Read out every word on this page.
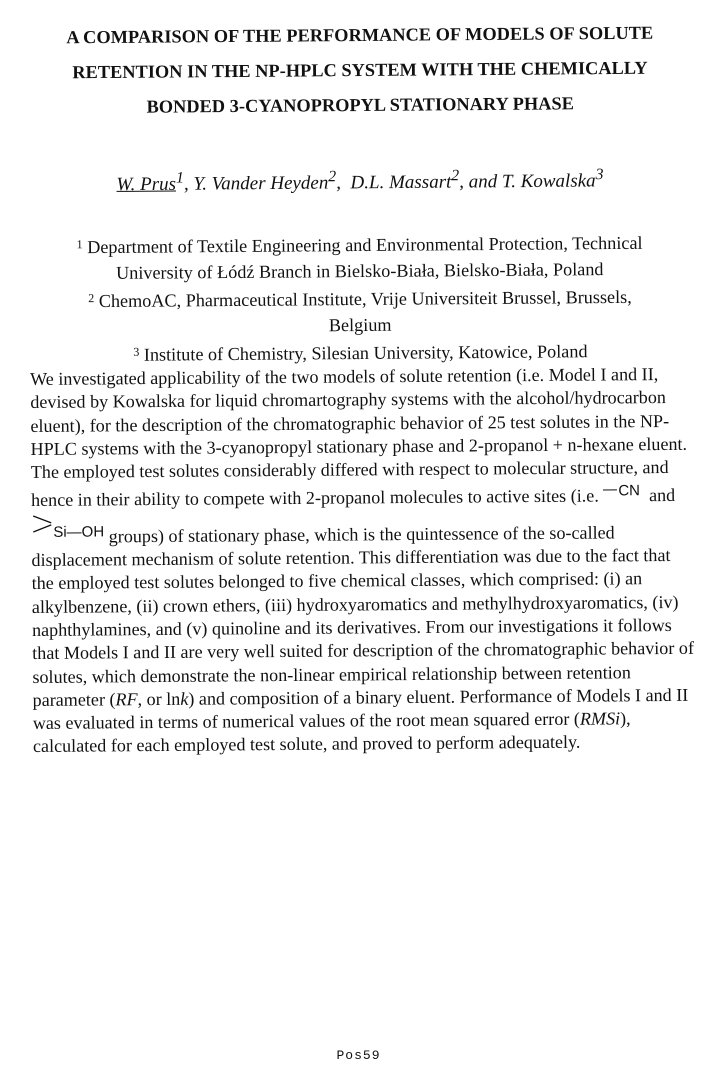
A COMPARISON OF THE PERFORMANCE OF MODELS OF SOLUTE
RETENTION IN THE NP-HPLC SYSTEM WITH THE CHEMICALLY
BONDED 3-CYANOPROPYL STATIONARY PHASE
W. Prus$^1$, Y. Vander Heyden$^2$,  D.L. Massart$^2$, and T. Kowalska$^3$
$^1$ Department of Textile Engineering and Environmental Protection, Technical
University of Łódź Branch in Bielsko-Biała, Bielsko-Biała, Poland
$^2$ ChemoAC, Pharmaceutical Institute, Vrije Universiteit Brussel, Brussels,
Belgium
$^3$ Institute of Chemistry, Silesian University, Katowice, Poland

We investigated applicability of the two models of solute retention (i.e. Model I and II, devised by Kowalska for liquid chromartography systems with the alcohol/hydrocarbon eluent), for the description of the chromatographic behavior of 25 test solutes in the NP-HPLC systems with the 3-cyanopropyl stationary phase and 2-propanol + n-hexane eluent. The employed test solutes considerably differed with respect to molecular structure, and hence in their ability to compete with 2-propanol molecules to active sites (i.e. CN and Si—OH groups) of stationary phase, which is the quintessence of the so-called displacement mechanism of solute retention. This differentiation was due to the fact that the employed test solutes belonged to five chemical classes, which comprised: (i) an alkylbenzene, (ii) crown ethers, (iii) hydroxyaromatics and methylhydroxyaromatics, (iv) naphthylamines, and (v) quinoline and its derivatives. From our investigations it follows that Models I and II are very well suited for description of the chromatographic behavior of solutes, which demonstrate the non-linear empirical relationship between retention parameter (RF, or lnk) and composition of a binary eluent. Performance of Models I and II was evaluated in terms of numerical values of the root mean squared error (RMSi), calculated for each employed test solute, and proved to perform adequately.

Pos59
